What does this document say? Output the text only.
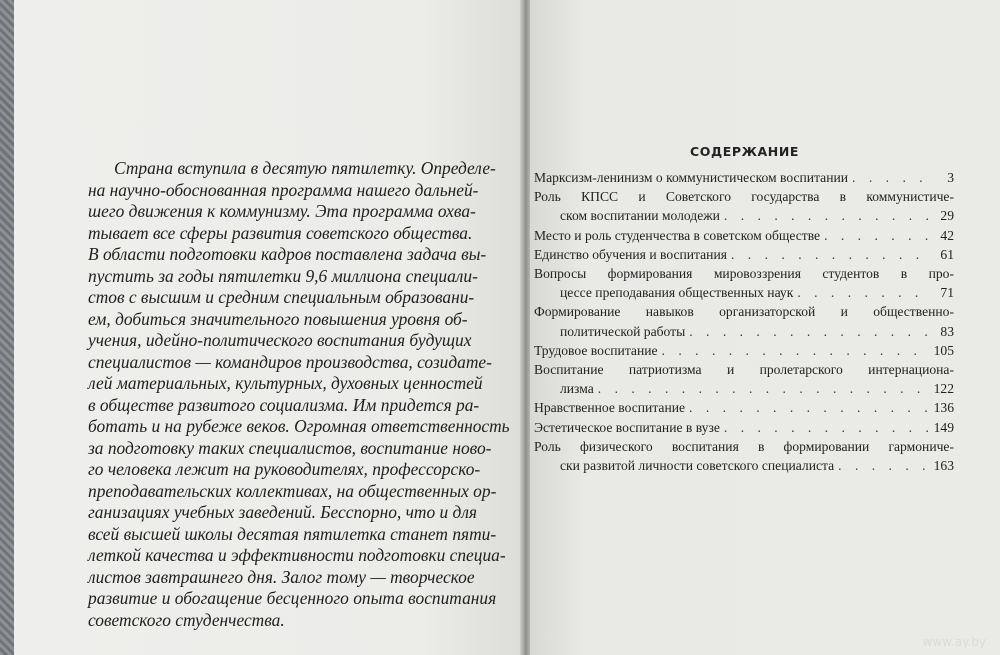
Страна вступила в десятую пятилетку. Определе-
на научно-обоснованная программа нашего дальней-
шего движения к коммунизму. Эта программа охва-
тывает все сферы развития советского общества.
В области подготовки кадров поставлена задача вы-
пустить за годы пятилетки 9,6 миллиона специали-
стов с высшим и средним специальным образовани-
ем, добиться значительного повышения уровня об-
учения, идейно-политического воспитания будущих
специалистов — командиров производства, созидате-
лей материальных, культурных, духовных ценностей
в обществе развитого социализма. Им придется ра-
ботать и на рубеже веков. Огромная ответственность
за подготовку таких специалистов, воспитание ново-
го человека лежит на руководителях, профессорско-
преподавательских коллективах, на общественных ор-
ганизациях учебных заведений. Бесспорно, что и для
всей высшей школы десятая пятилетка станет пяти-
леткой качества и эффективности подготовки специа-
листов завтрашнего дня. Залог тому — творческое
развитие и обогащение бесценного опыта воспитания
советского студенчества.
СОДЕРЖАНИЕ
Марксизм-ленинизм о коммунистическом воспитании . . .	3
Роль КПСС и Советского государства в коммунистиче-
ском воспитании молодежи . . .	29
Место и роль студенчества в советском обществе . . .	42
Единство обучения и воспитания . . .	61
Вопросы формирования мировоззрения студентов в про-
цессе преподавания общественных наук . . .	71
Формирование навыков организаторской и общественно-
политической работы . . .	83
Трудовое воспитание . . .	105
Воспитание патриотизма и пролетарского интернациона-
лизма . . .	122
Нравственное воспитание . . .	136
Эстетическое воспитание в вузе . . .	149
Роль физического воспитания в формировании гармониче-
ски развитой личности советского специалиста . . .	163
www.ay.by
